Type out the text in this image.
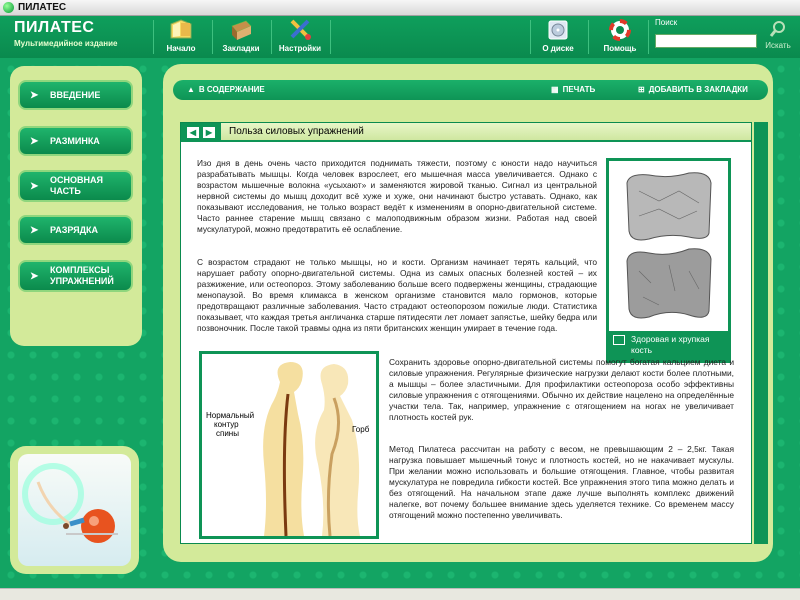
ПИЛАТЕС
ПИЛАТЕС
Мультимедийное издание
Начало	Закладки	Настройки	О диске	Помощь
Поиск
Искать
➤ ВВЕДЕНИЕ
➤ РАЗМИНКА
➤
ОСНОВНАЯ ЧАСТЬ
➤ РАЗРЯДКА
➤
КОМПЛЕКСЫ УПРАЖНЕНИЙ
▲ В СОДЕРЖАНИЕ	▦ ПЕЧАТЬ	⊞ ДОБАВИТЬ В ЗАКЛАДКИ
◀	▶	Польза силовых упражнений
Изо дня в день очень часто приходится поднимать тяжести, поэтому с юности надо научиться разрабатывать мышцы. Когда человек взрослеет, его мышечная масса увеличивается. Однако с возрастом мышечные волокна «усыхают» и заменяются жировой тканью. Сигнал из центральной нервной системы до мышц доходит всё хуже и хуже, они начинают быстро уставать. Однако, как показывают исследования, не только возраст ведёт к изменениям в опорно-двигательной системе. Часто раннее старение мышц связано с малоподвижным образом жизни. Работая над своей мускулатурой, можно предотвратить её ослабление.
С возрастом страдают не только мышцы, но и кости. Организм начинает терять кальций, что нарушает работу опорно-двигательной системы. Одна из самых опасных болезней костей – их разжижение, или остеопороз. Этому заболеванию больше всего подвержены женщины, страдающие менопаузой. Во время климакса в женском организме становится мало гормонов, которые предотвращают различные заболевания. Часто страдают остеопорозом пожилые люди. Статистика показывает, что каждая третья англичанка старше пятидесяти лет ломает запястье, шейку бедра или позвоночник. После такой травмы одна из пяти британских женщин умирает в течение года.
Здоровая и хрупкая кость
Нормальный контур спины	Горб
Сохранить здоровье опорно-двигательной системы помогут богатая кальцием диета и силовые упражнения. Регулярные физические нагрузки делают кости более плотными, а мышцы – более эластичными. Для профилактики остеопороза особо эффективны силовые упражнения с отягощениями. Обычно их действие нацелено на определённые участки тела. Так, например, упражнение с отягощением на ногах не увеличивает плотность костей рук.
Метод Пилатеса рассчитан на работу с весом, не превышающим 2 – 2,5кг. Такая нагрузка повышает мышечный тонус и плотность костей, но не накачивает мускулы. При желании можно использовать и большие отягощения. Главное, чтобы развитая мускулатура не повредила гибкости костей. Все упражнения этого типа можно делать и без отягощений. На начальном этапе даже лучше выполнять комплекс движений налегке, вот почему большее внимание здесь уделяется технике. Со временем массу отягощений можно постепенно увеличивать.
